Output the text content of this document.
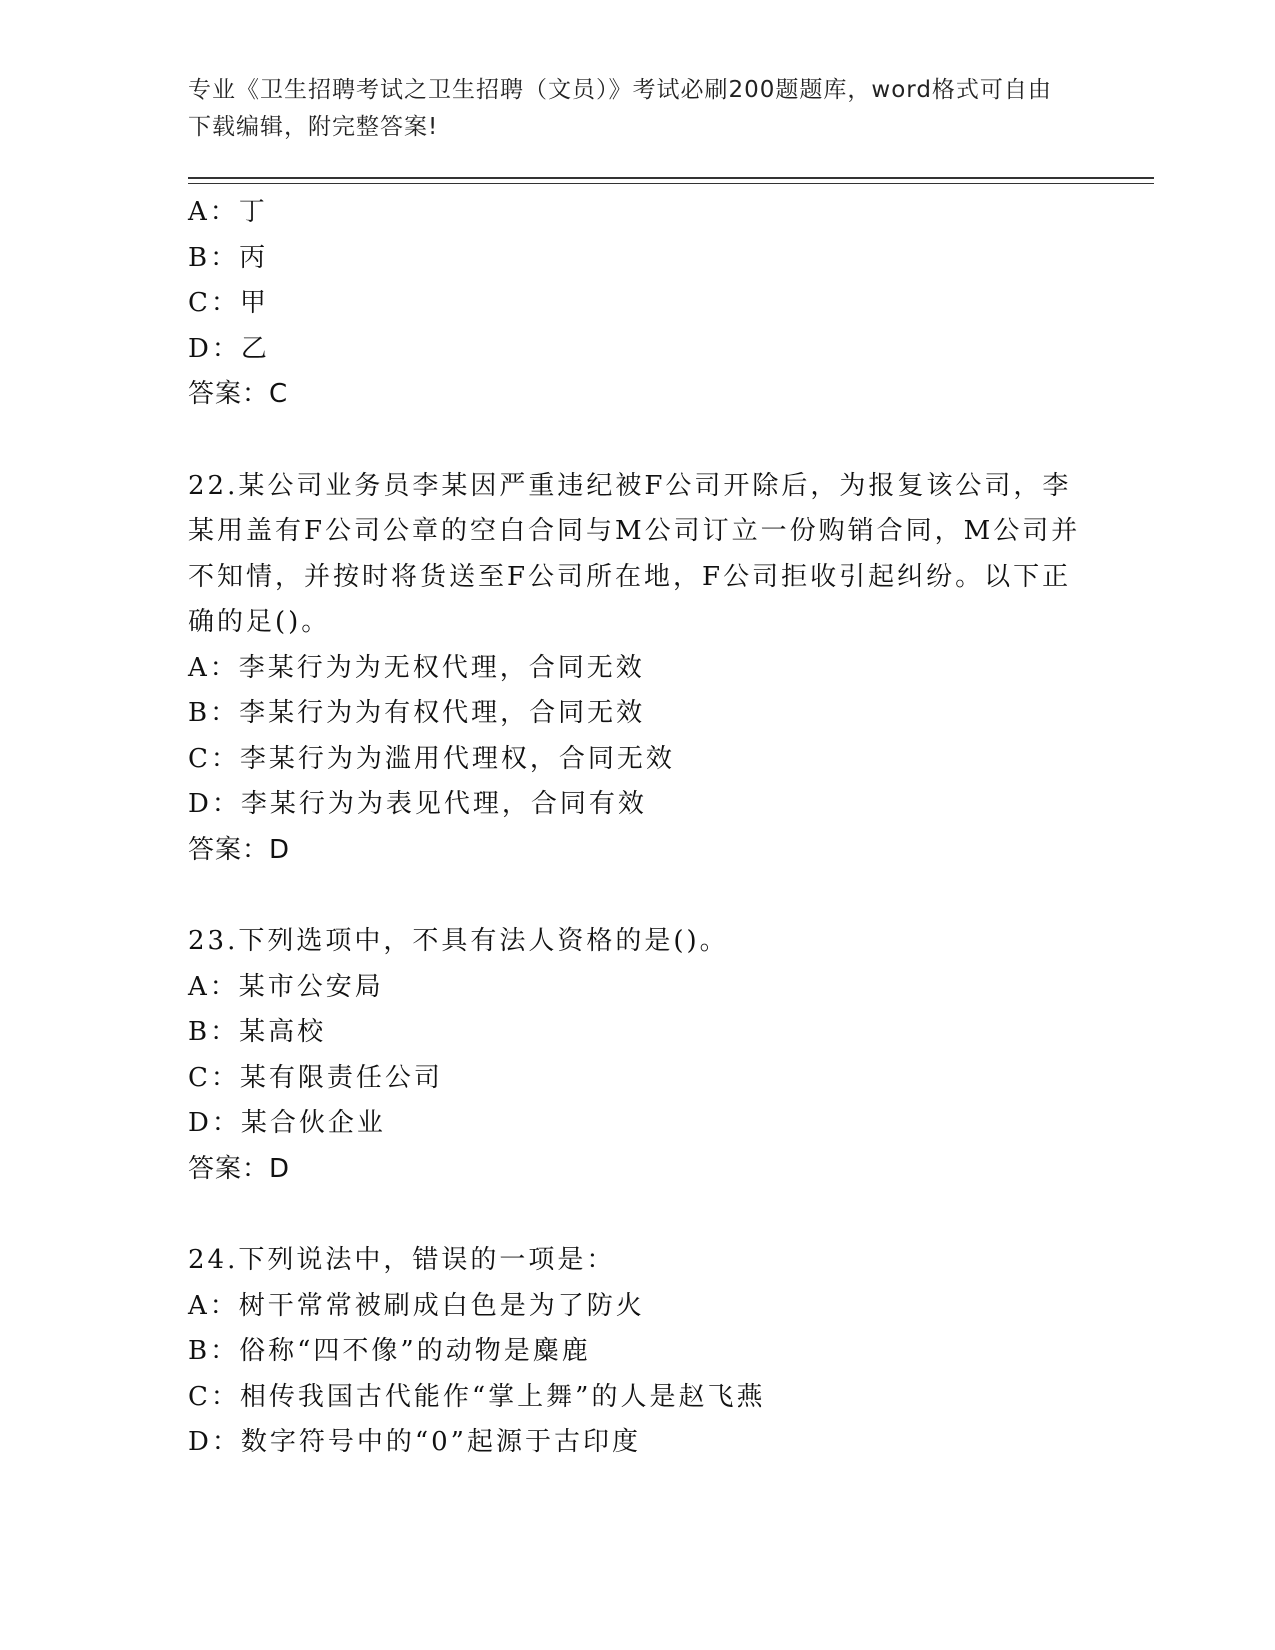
专业《卫生招聘考试之卫生招聘（文员）》考试必刷200题题库，word格式可自由下载编辑，附完整答案!
A：丁
B：丙
C：甲
D：乙
答案：C
22.某公司业务员李某因严重违纪被F公司开除后，为报复该公司，李某用盖有F公司公章的空白合同与M公司订立一份购销合同，M公司并不知情，并按时将货送至F公司所在地，F公司拒收引起纠纷。以下正确的足()。
A：李某行为为无权代理，合同无效
B：李某行为为有权代理，合同无效
C：李某行为为滥用代理权，合同无效
D：李某行为为表见代理，合同有效
答案：D
23.下列选项中，不具有法人资格的是()。
A：某市公安局
B：某高校
C：某有限责任公司
D：某合伙企业
答案：D
24.下列说法中，错误的一项是：
A：树干常常被刷成白色是为了防火
B：俗称“四不像”的动物是麋鹿
C：相传我国古代能作“掌上舞”的人是赵飞燕
D：数字符号中的“0”起源于古印度
